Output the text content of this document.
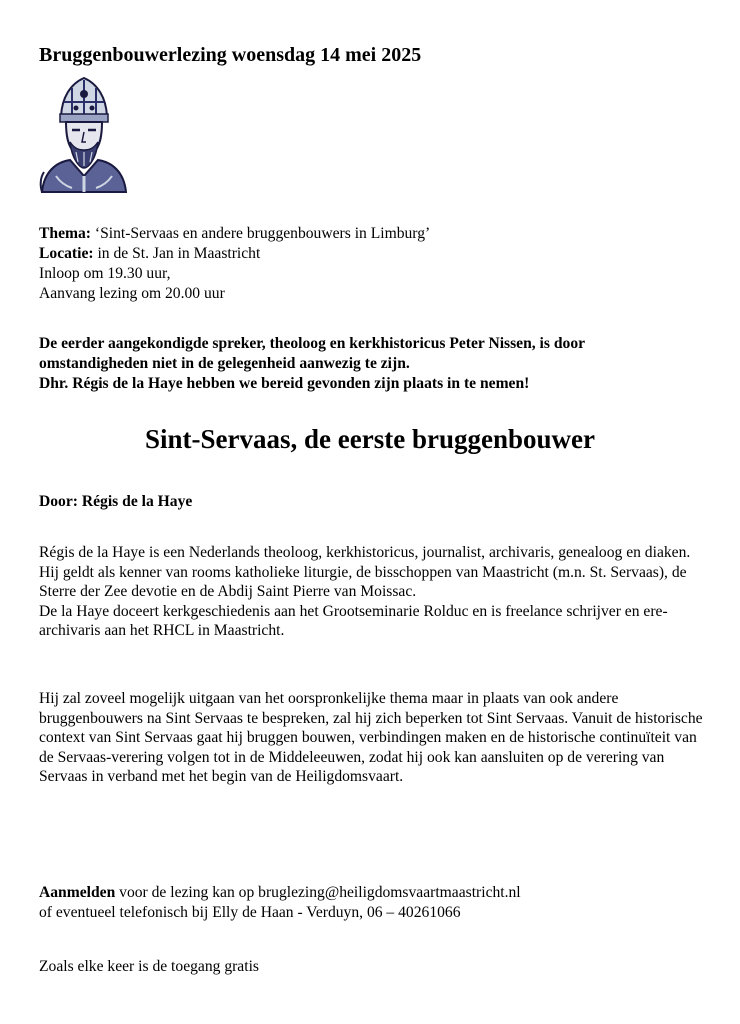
Bruggenbouwerlezing woensdag 14 mei 2025
Thema: ‘Sint-Servaas en andere bruggenbouwers in Limburg’
Locatie: in de St. Jan in Maastricht
Inloop om 19.30 uur,
Aanvang lezing om 20.00 uur
De eerder aangekondigde spreker, theoloog en kerkhistoricus Peter Nissen, is door
omstandigheden niet in de gelegenheid aanwezig te zijn.
Dhr. Régis de la Haye hebben we bereid gevonden zijn plaats in te nemen!
Sint-Servaas, de eerste bruggenbouwer
Door: Régis de la Haye

Régis de la Haye is een Nederlands theoloog, kerkhistoricus, journalist, archivaris, genealoog en diaken.

Hij geldt als kenner van rooms katholieke liturgie, de bisschoppen van Maastricht (m.n. St. Servaas), de Sterre der Zee devotie en de Abdij Saint Pierre van Moissac.

De la Haye doceert kerkgeschiedenis aan het Grootseminarie Rolduc en is freelance schrijver en ere-archivaris aan het RHCL in Maastricht.

Hij zal zoveel mogelijk uitgaan van het oorspronkelijke thema maar in plaats van ook andere bruggenbouwers na Sint Servaas te bespreken, zal hij zich beperken tot Sint Servaas. Vanuit de historische context van Sint Servaas gaat hij bruggen bouwen, verbindingen maken en de historische continuïteit van de Servaas-verering volgen tot in de Middeleeuwen, zodat hij ook kan aansluiten op de verering van Servaas in verband met het begin van de Heiligdomsvaart.
Aanmelden voor de lezing kan op bruglezing@heiligdomsvaartmaastricht.nl
of eventueel telefonisch bij Elly de Haan - Verduyn, 06 – 40261066
Zoals elke keer is de toegang gratis
